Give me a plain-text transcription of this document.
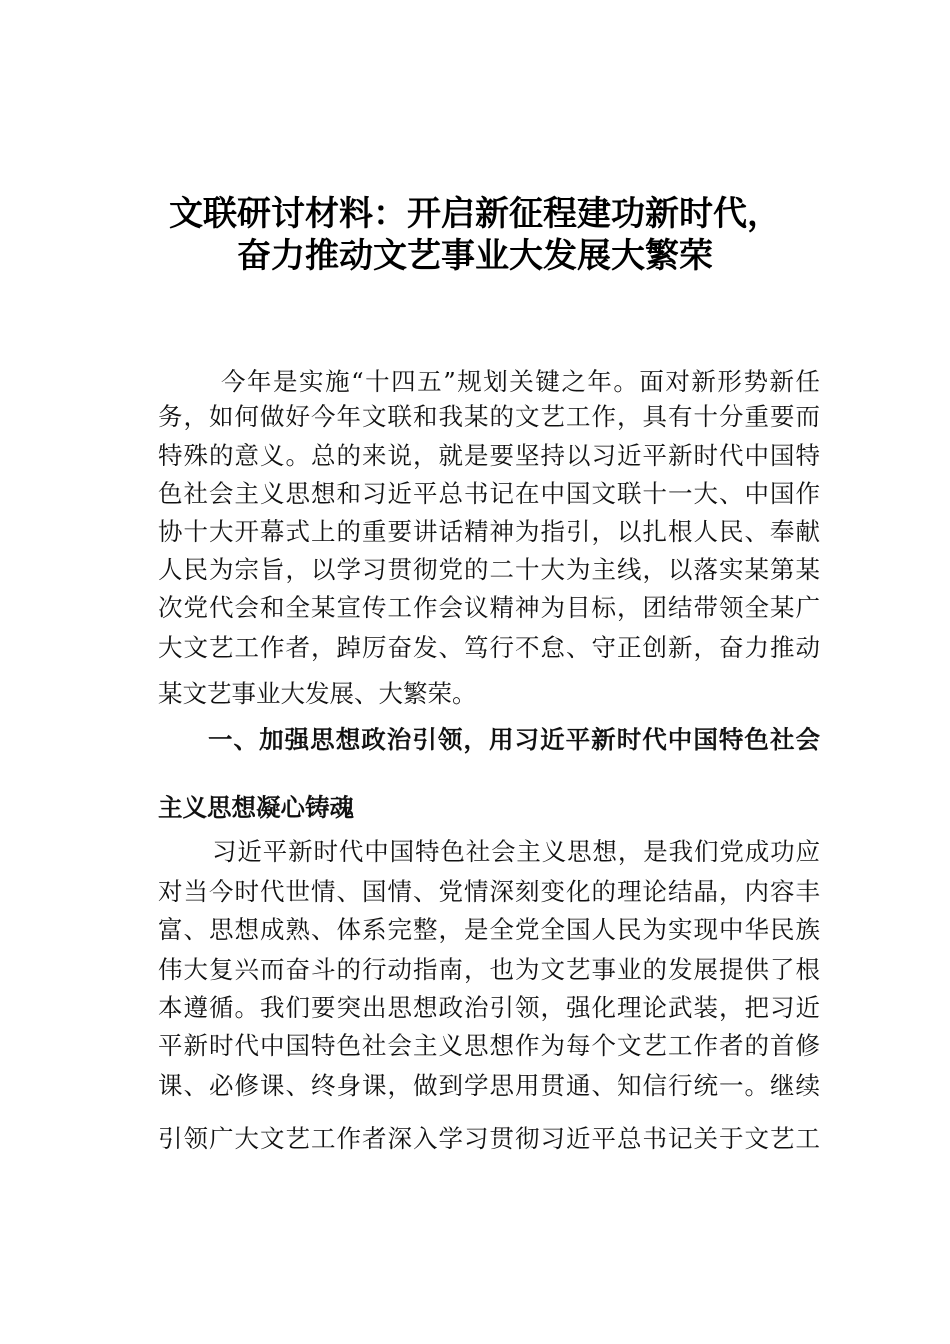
文联研讨材料：开启新征程建功新时代，
奋力推动文艺事业大发展大繁荣
今年是实施“十四五”规划关键之年。面对新形势新任
务，如何做好今年文联和我某的文艺工作，具有十分重要而
特殊的意义。总的来说，就是要坚持以习近平新时代中国特
色社会主义思想和习近平总书记在中国文联十一大、中国作
协十大开幕式上的重要讲话精神为指引，以扎根人民、奉献
人民为宗旨，以学习贯彻党的二十大为主线，以落实某第某
次党代会和全某宣传工作会议精神为目标，团结带领全某广
大文艺工作者，踔厉奋发、笃行不怠、守正创新，奋力推动
某文艺事业大发展、大繁荣。
一、加强思想政治引领，用习近平新时代中国特色社会
主义思想凝心铸魂
习近平新时代中国特色社会主义思想，是我们党成功应
对当今时代世情、国情、党情深刻变化的理论结晶，内容丰
富、思想成熟、体系完整，是全党全国人民为实现中华民族
伟大复兴而奋斗的行动指南，也为文艺事业的发展提供了根
本遵循。我们要突出思想政治引领，强化理论武装，把习近
平新时代中国特色社会主义思想作为每个文艺工作者的首修
课、必修课、终身课，做到学思用贯通、知信行统一。继续
引领广大文艺工作者深入学习贯彻习近平总书记关于文艺工
